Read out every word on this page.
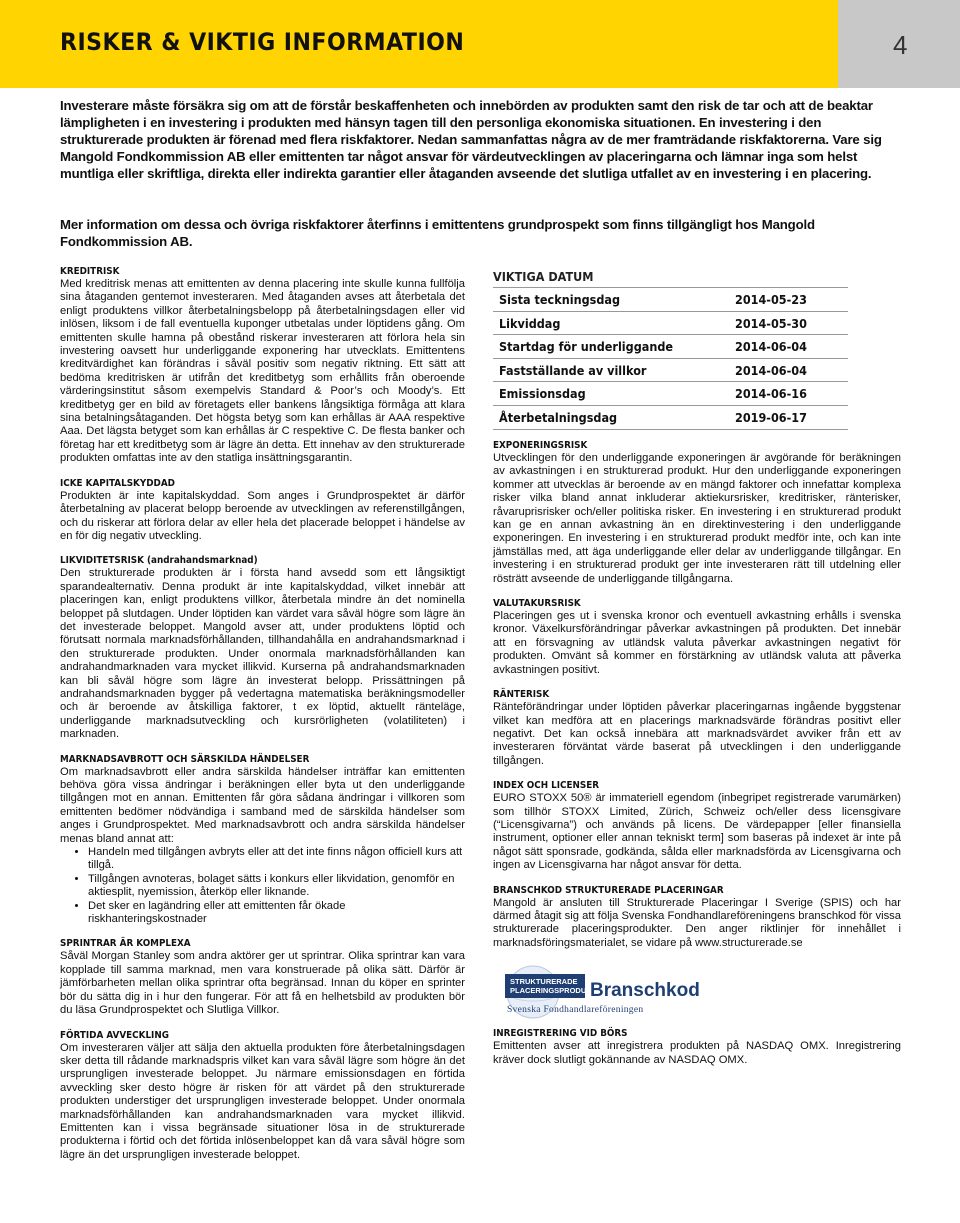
RISKER & VIKTIG INFORMATION	4

Investerare måste försäkra sig om att de förstår beskaffenheten och innebörden av produkten samt den risk de tar och att de beaktar lämpligheten i en investering i produkten med hänsyn tagen till den personliga ekonomiska situationen. En investering i den strukturerade produkten är förenad med flera riskfaktorer. Nedan sammanfattas några av de mer framträdande riskfaktorerna. Vare sig Mangold Fondkommission AB eller emittenten tar något ansvar för värdeutvecklingen av placeringarna och lämnar inga som helst muntliga eller skriftliga, direkta eller indirekta garantier eller åtaganden avseende det slutliga utfallet av en investering i en placering.

Mer information om dessa och övriga riskfaktorer återfinns i emittentens grundprospekt som finns tillgängligt hos Mangold Fondkommission AB.

VIKTIGA DATUM
Sista teckningsdag	2014-05-23
Likviddag	2014-05-30
Startdag för underliggande	2014-06-04
Fastställande av villkor	2014-06-04
Emissionsdag	2014-06-16
Återbetalningsdag	2019-06-17
KREDITRISK

Med kreditrisk menas att emittenten av denna placering inte skulle kunna fullfölja sina åtaganden gentemot investeraren. Med åtaganden avses att återbetala det enligt produktens villkor återbetalningsbelopp på återbetalningsdagen eller vid inlösen, liksom i de fall eventuella kuponger utbetalas under löptidens gång. Om emittenten skulle hamna på obestånd riskerar investeraren att förlora hela sin investering oavsett hur underliggande exponering har utvecklats. Emittentens kreditvärdighet kan förändras i såväl positiv som negativ riktning. Ett sätt att bedöma kreditrisken är utifrån det kreditbetyg som erhållits från oberoende värderingsinstitut såsom exempelvis Standard & Poor’s och Moody’s. Ett kreditbetyg ger en bild av företagets eller bankens långsiktiga förmåga att klara sina betalningsåtaganden. Det högsta betyg som kan erhållas är AAA respektive Aaa. Det lägsta betyget som kan erhållas är C respektive C. De flesta banker och företag har ett kreditbetyg som är lägre än detta. Ett innehav av den strukturerade produkten omfattas inte av den statliga insättningsgarantin.

ICKE KAPITALSKYDDAD

Produkten är inte kapitalskyddad. Som anges i Grundprospektet är därför återbetalning av placerat belopp beroende av utvecklingen av referenstillgången, och du riskerar att förlora delar av eller hela det placerade beloppet i händelse av en för dig negativ utveckling.

LIKVIDITETSRISK (andrahandsmarknad)

Den strukturerade produkten är i första hand avsedd som ett långsiktigt sparandealternativ. Denna produkt är inte kapitalskyddad, vilket innebär att placeringen kan, enligt produktens villkor, återbetala mindre än det nominella beloppet på slutdagen. Under löptiden kan värdet vara såväl högre som lägre än det investerade beloppet. Mangold avser att, under produktens löptid och förutsatt normala marknadsförhållanden, tillhandahålla en andrahandsmarknad i den strukturerade produkten. Under onormala marknadsförhållanden kan andrahandmarknaden vara mycket illikvid. Kurserna på andrahandsmarknaden kan bli såväl högre som lägre än investerat belopp. Prissättningen på andrahandsmarknaden bygger på vedertagna matematiska beräkningsmodeller och är beroende av åtskilliga faktorer, t ex löptid, aktuellt ränteläge, underliggande marknadsutveckling och kursrörligheten (volatiliteten) i marknaden.

MARKNADSAVBROTT OCH SÄRSKILDA HÄNDELSER

Om marknadsavbrott eller andra särskilda händelser inträffar kan emittenten behöva göra vissa ändringar i beräkningen eller byta ut den underliggande tillgången mot en annan. Emittenten får göra sådana ändringar i villkoren som emittenten bedömer nödvändiga i samband med de särskilda händelser som anges i Grundprospektet. Med marknadsavbrott och andra särskilda händelser menas bland annat att:

• Handeln med tillgången avbryts eller att det inte finns någon officiell kurs att tillgå.
• Tillgången avnoteras, bolaget sätts i konkurs eller likvidation, genomför en aktiesplit, nyemission, återköp eller liknande.
• Det sker en lagändring eller att emittenten får ökade riskhanteringskostnader
SPRINTRAR ÄR KOMPLEXA

Såväl Morgan Stanley som andra aktörer ger ut sprintrar. Olika sprintrar kan vara kopplade till samma marknad, men vara konstruerade på olika sätt. Därför är jämförbarheten mellan olika sprintrar ofta begränsad. Innan du köper en sprinter bör du sätta dig in i hur den fungerar. För att få en helhetsbild av produkten bör du läsa Grundprospektet och Slutliga Villkor.

FÖRTIDA AVVECKLING

Om investeraren väljer att sälja den aktuella produkten före återbetalningsdagen sker detta till rådande marknadspris vilket kan vara såväl lägre som högre än det ursprungligen investerade beloppet. Ju närmare emissionsdagen en förtida avveckling sker desto högre är risken för att värdet på den strukturerade produkten understiger det ursprungligen investerade beloppet. Under onormala marknadsförhållanden kan andrahandsmarknaden vara mycket illikvid. Emittenten kan i vissa begränsade situationer lösa in de strukturerade produkterna i förtid och det förtida inlösenbeloppet kan då vara såväl högre som lägre än det ursprungligen investerade beloppet.

EXPONERINGSRISK

Utvecklingen för den underliggande exponeringen är avgörande för beräkningen av avkastningen i en strukturerad produkt. Hur den underliggande exponeringen kommer att utvecklas är beroende av en mängd faktorer och innefattar komplexa risker vilka bland annat inkluderar aktiekursrisker, kreditrisker, ränterisker, råvaruprisrisker och/eller politiska risker. En investering i en strukturerad produkt kan ge en annan avkastning än en direktinvestering i den underliggande exponeringen. En investering i en strukturerad produkt medför inte, och kan inte jämställas med, att äga underliggande eller delar av underliggande tillgångar. En investering i en strukturerad produkt ger inte investeraren rätt till utdelning eller rösträtt avseende de underliggande tillgångarna.

VALUTAKURSRISK

Placeringen ges ut i svenska kronor och eventuell avkastning erhålls i svenska kronor. Växelkursförändringar påverkar avkastningen på produkten. Det innebär att en försvagning av utländsk valuta påverkar avkastningen negativt för produkten. Omvänt så kommer en förstärkning av utländsk valuta att påverka avkastningen positivt.

RÄNTERISK

Ränteförändringar under löptiden påverkar placeringarnas ingående byggstenar vilket kan medföra att en placerings marknadsvärde förändras positivt eller negativt. Det kan också innebära att marknadsvärdet avviker från ett av investeraren förväntat värde baserat på utvecklingen i den underliggande tillgången.

INDEX OCH LICENSER

EURO STOXX 50® är immateriell egendom (inbegripet registrerade varumärken) som tillhör STOXX Limited, Zürich, Schweiz och/eller dess licensgivare (“Licensgivarna”) och används på licens. De värdepapper [eller finansiella instrument, optioner eller annan tekniskt term] som baseras på indexet är inte på något sätt sponsrade, godkända, sålda eller marknadsförda av Licensgivarna och ingen av Licensgivarna har något ansvar för detta.

BRANSCHKOD STRUKTURERADE PLACERINGAR

Mangold är ansluten till Strukturerade Placeringar I Sverige (SPIS) och har därmed åtagit sig att följa Svenska Fondhandlareföreningens branschkod för vissa strukturerade placeringsprodukter. Den anger riktlinjer för innehållet i marknadsföringsmaterialet, se vidare på www.structurerade.se

STRUKTURERADE
PLACERINGSPRODUKTER
Branschkod
Svenska Fondhandlareföreningen
INREGISTRERING VID BÖRS

Emittenten avser att inregistrera produkten på NASDAQ OMX. Inregistrering kräver dock slutligt gokännande av NASDAQ OMX.
